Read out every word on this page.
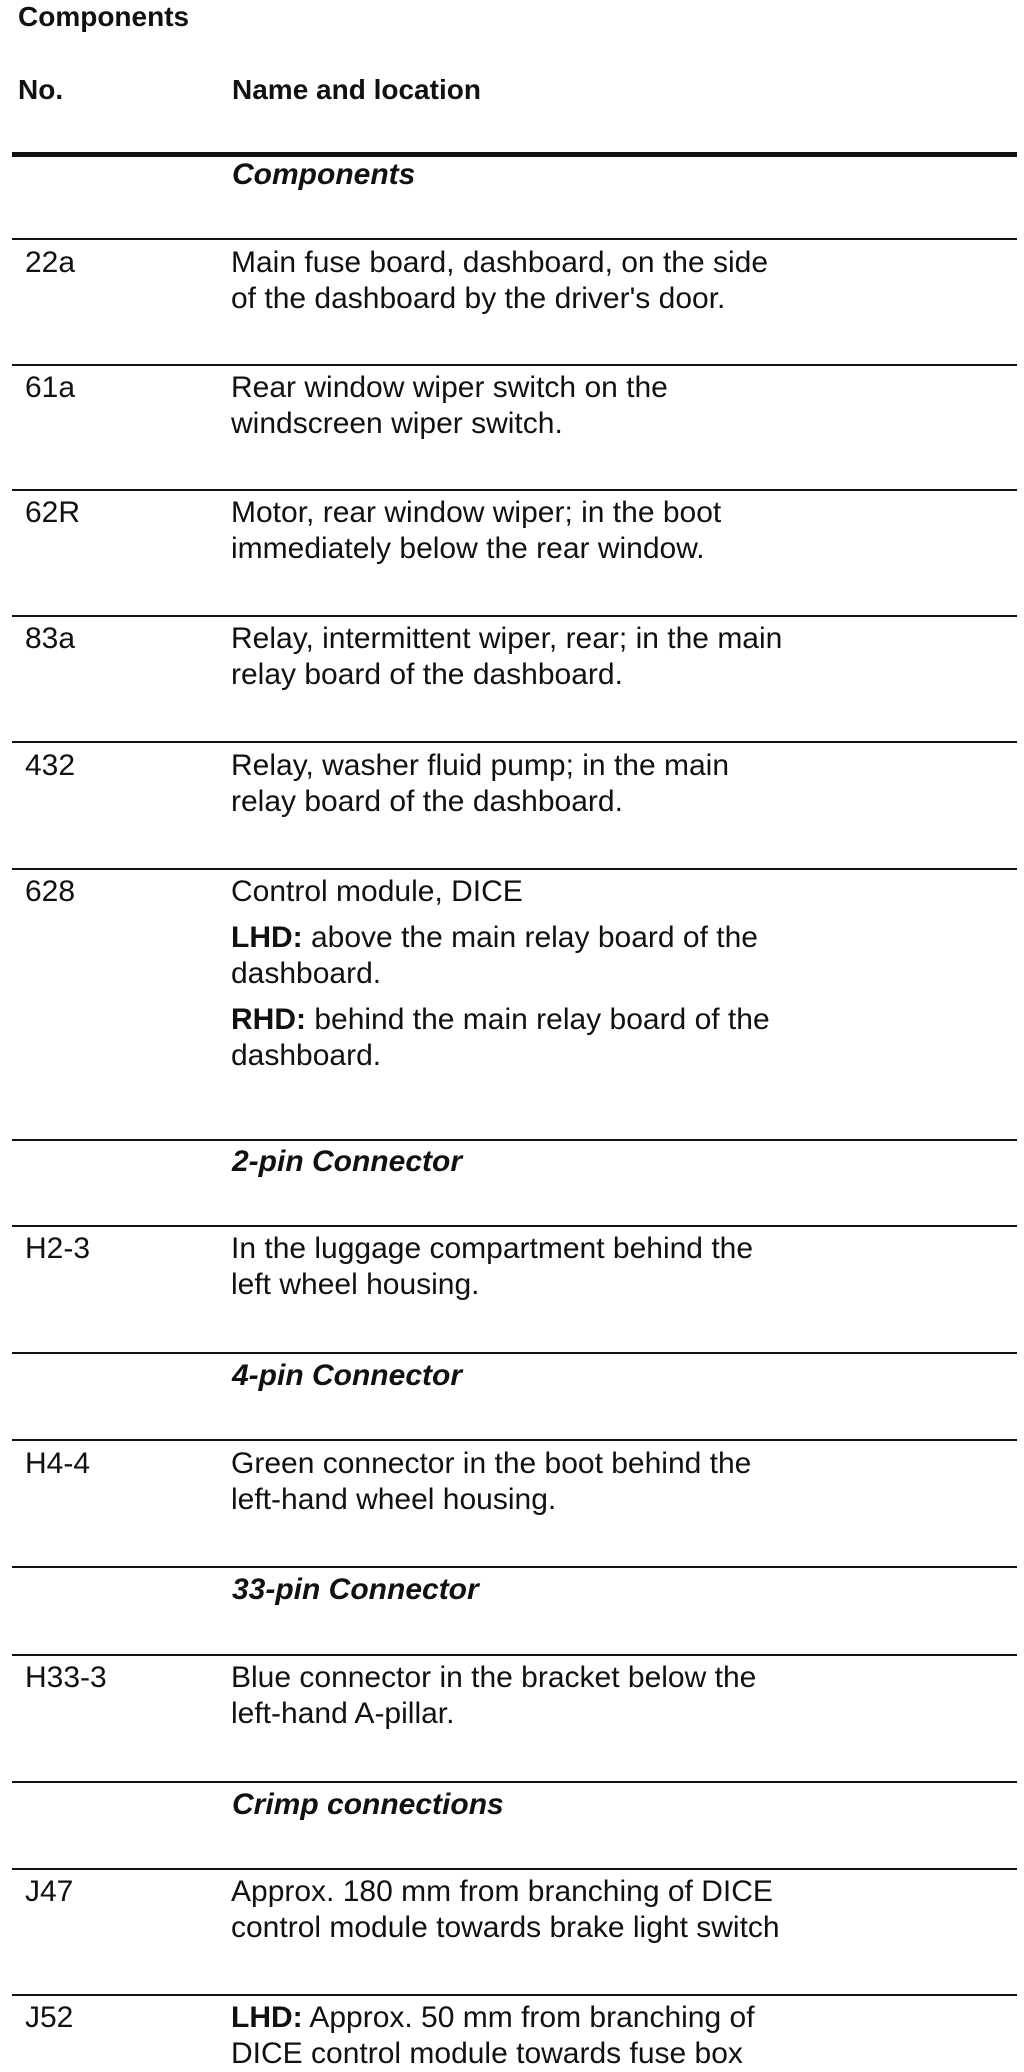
Components
No.	Name and location
Components
22a	Main fuse board, dashboard, on the side
of the dashboard by the driver's door.
61a	Rear window wiper switch on the
windscreen wiper switch.
62R	Motor, rear window wiper; in the boot
immediately below the rear window.
83a	Relay, intermittent wiper, rear; in the main
relay board of the dashboard.
432	Relay, washer fluid pump; in the main
relay board of the dashboard.
628	Control module, DICE
LHD: above the main relay board of the
dashboard.
RHD: behind the main relay board of the
dashboard.
2-pin Connector
H2-3	In the luggage compartment behind the
left wheel housing.
4-pin Connector
H4-4	Green connector in the boot behind the
left-hand wheel housing.
33-pin Connector
H33-3	Blue connector in the bracket below the
left-hand A-pillar.
Crimp connections
J47	Approx. 180 mm from branching of DICE
control module towards brake light switch
J52	LHD: Approx. 50 mm from branching of
DICE control module towards fuse box
